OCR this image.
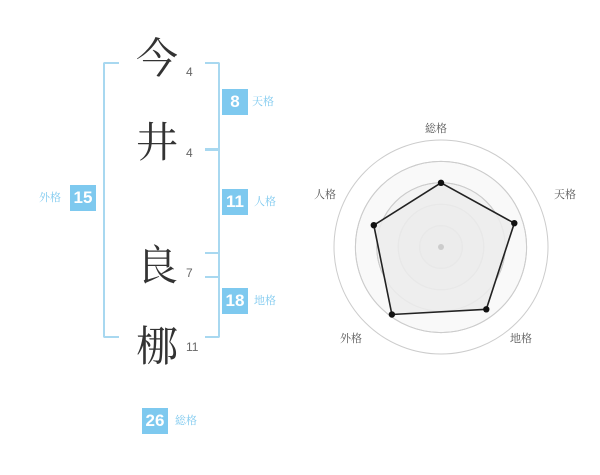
今 4
井 4
良 7
梛 11
8	天格
11 人格
18 地格
外格 15
26 総格
総格
天格
地格
外格
人格
